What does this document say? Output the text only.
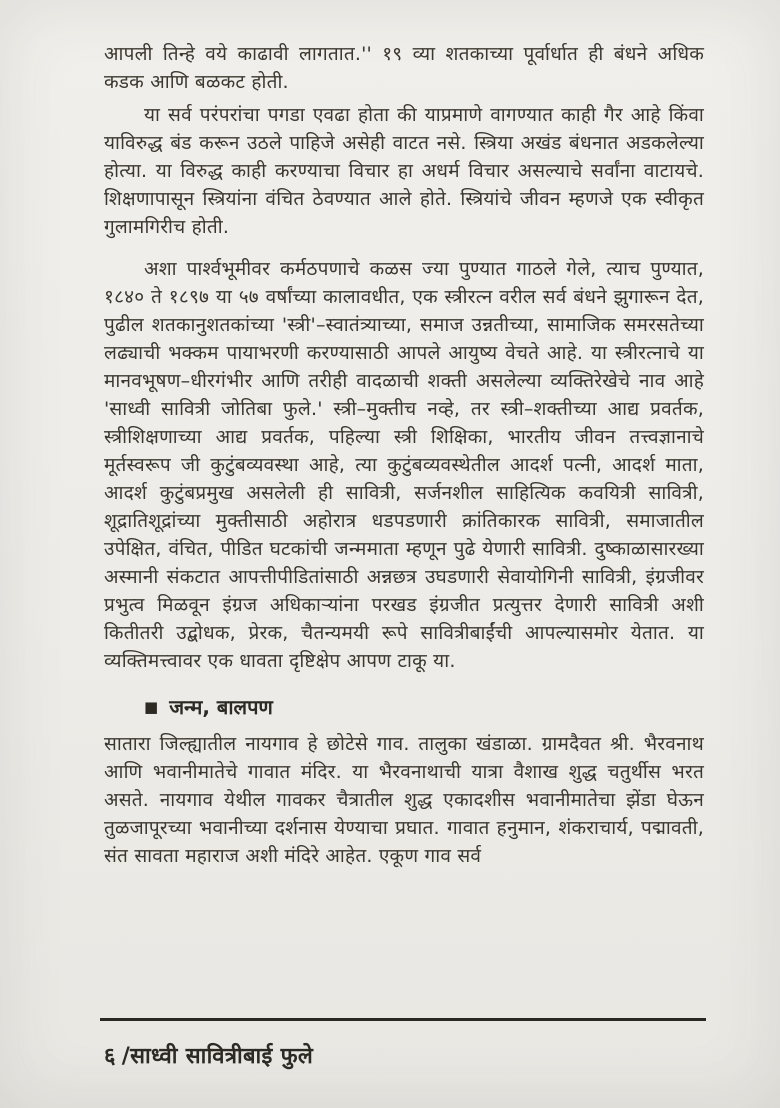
आपली तिन्हे वये काढावी लागतात.'' १९ व्या शतकाच्या पूर्वार्धात ही बंधने अधिक कडक आणि बळकट होती.

या सर्व परंपरांचा पगडा एवढा होता की याप्रमाणे वागण्यात काही गैर आहे किंवा याविरुद्ध बंड करून उठले पाहिजे असेही वाटत नसे. स्त्रिया अखंड बंधनात अडकलेल्या होत्या. या विरुद्ध काही करण्याचा विचार हा अधर्म विचार असल्याचे सर्वांना वाटायचे. शिक्षणापासून स्त्रियांना वंचित ठेवण्यात आले होते. स्त्रियांचे जीवन म्हणजे एक स्वीकृत गुलामगिरीच होती.

अशा पार्श्वभूमीवर कर्मठपणाचे कळस ज्या पुण्यात गाठले गेले, त्याच पुण्यात, १८४० ते १८९७ या ५७ वर्षांच्या कालावधीत, एक स्त्रीरत्न वरील सर्व बंधने झुगारून देत, पुढील शतकानुशतकांच्या 'स्त्री'–स्वातंत्र्याच्या, समाज उन्नतीच्या, सामाजिक समरसतेच्या लढ्याची भक्कम पायाभरणी करण्यासाठी आपले आयुष्य वेचते आहे. या स्त्रीरत्नाचे या मानवभूषण–धीरगंभीर आणि तरीही वादळाची शक्ती असलेल्या व्यक्तिरेखेचे नाव आहे 'साध्वी सावित्री जोतिबा फुले.' स्त्री–मुक्तीच नव्हे, तर स्त्री–शक्तीच्या आद्य प्रवर्तक, स्त्रीशिक्षणाच्या आद्य प्रवर्तक, पहिल्या स्त्री शिक्षिका, भारतीय जीवन तत्त्वज्ञानाचे मूर्तस्वरूप जी कुटुंबव्यवस्था आहे, त्या कुटुंबव्यवस्थेतील आदर्श पत्नी, आदर्श माता, आदर्श कुटुंबप्रमुख असलेली ही सावित्री, सर्जनशील साहित्यिक कवयित्री सावित्री, शूद्रातिशूद्रांच्या मुक्तीसाठी अहोरात्र धडपडणारी क्रांतिकारक सावित्री, समाजातील उपेक्षित, वंचित, पीडित घटकांची जन्ममाता म्हणून पुढे येणारी सावित्री. दुष्काळासारख्या अस्मानी संकटात आपत्तीपीडितांसाठी अन्नछत्र उघडणारी सेवायोगिनी सावित्री, इंग्रजीवर प्रभुत्व मिळवून इंग्रज अधिकाऱ्यांना परखड इंग्रजीत प्रत्युत्तर देणारी सावित्री अशी कितीतरी उद्बोधक, प्रेरक, चैतन्यमयी रूपे सावित्रीबाईंची आपल्यासमोर येतात. या व्यक्तिमत्त्वावर एक धावता दृष्टिक्षेप आपण टाकू या.

■ जन्म, बालपण

सातारा जिल्ह्यातील नायगाव हे छोटेसे गाव. तालुका खंडाळा. ग्रामदैवत श्री. भैरवनाथ आणि भवानीमातेचे गावात मंदिर. या भैरवनाथाची यात्रा वैशाख शुद्ध चतुर्थीस भरत असते. नायगाव येथील गावकर चैत्रातील शुद्ध एकादशीस भवानीमातेचा झेंडा घेऊन तुळजापूरच्या भवानीच्या दर्शनास येण्याचा प्रघात. गावात हनुमान, शंकराचार्य, पद्मावती, संत सावता महाराज अशी मंदिरे आहेत. एकूण गाव सर्व

६ /साध्वी सावित्रीबाई फुले
